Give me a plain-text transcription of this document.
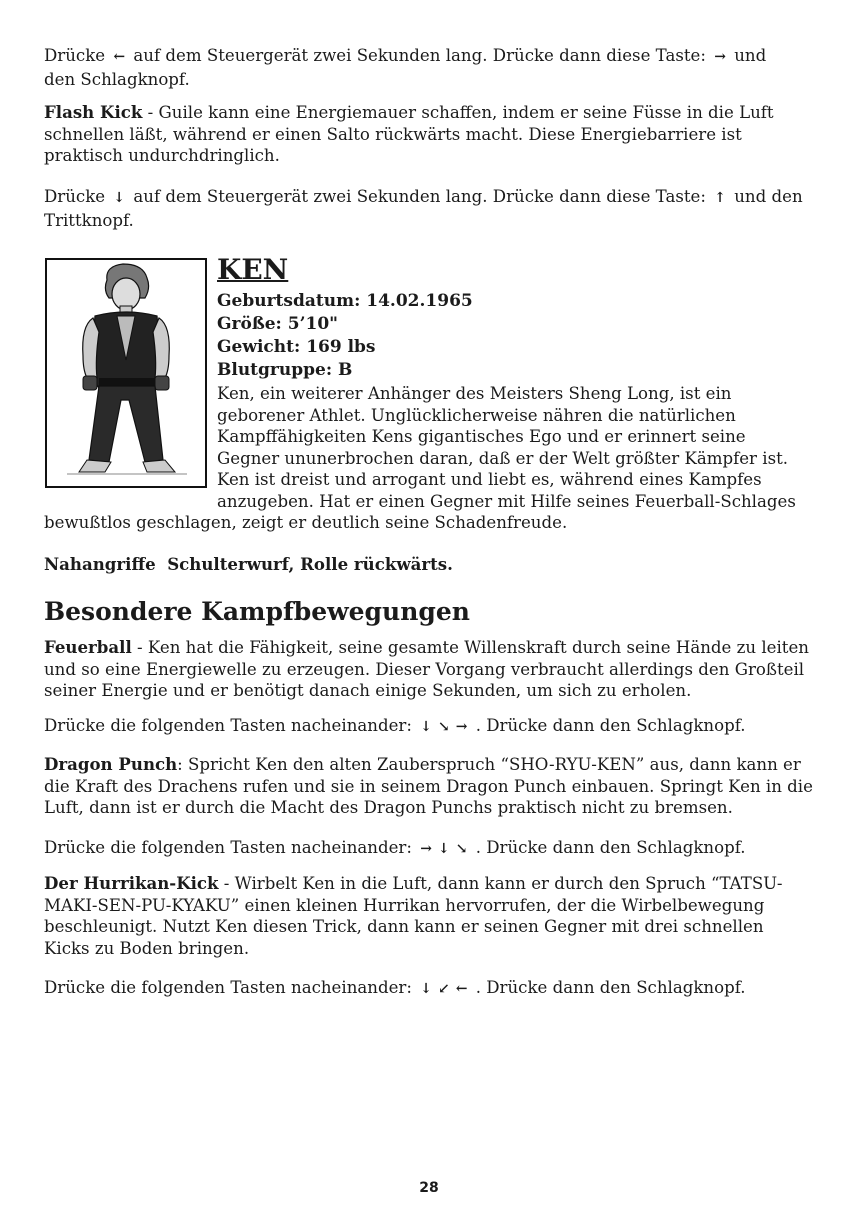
Drücke ← auf dem Steuergerät zwei Sekunden lang. Drücke dann diese Taste: → und
den Schlagknopf.

Flash Kick - Guile kann eine Energiemauer schaffen, indem er seine Füsse in die Luft schnellen läßt, während er einen Salto rückwärts macht. Diese Energiebarriere ist praktisch undurchdringlich.

Drücke ↓ auf dem Steuergerät zwei Sekunden lang. Drücke dann diese Taste: ↑ und den
Trittknopf.

KEN
Geburtsdatum: 14.02.1965
Größe: 5’10"
Gewicht: 169 lbs
Blutgruppe: B
Ken, ein weiterer Anhänger des Meisters Sheng Long, ist ein
geborener Athlet. Unglücklicherweise nähren die natürlichen
Kampffähigkeiten Kens gigantisches Ego und er erinnert seine
Gegner ununerbrochen daran, daß er der Welt größter Kämpfer ist.
Ken ist dreist und arrogant und liebt es, während eines Kampfes
anzugeben. Hat er einen Gegner mit Hilfe seines Feuerball-Schlages

bewußtlos geschlagen, zeigt er deutlich seine Schadenfreude.

Nahangriffe Schulterwurf, Rolle rückwärts.

Besondere Kampfbewegungen

Feuerball - Ken hat die Fähigkeit, seine gesamte Willenskraft durch seine Hände zu leiten und so eine Energiewelle zu erzeugen. Dieser Vorgang verbraucht allerdings den Großteil seiner Energie und er benötigt danach einige Sekunden, um sich zu erholen.

Drücke die folgenden Tasten nacheinander: ↓ ↘ → . Drücke dann den Schlagknopf.

Dragon Punch: Spricht Ken den alten Zauberspruch “SHO-RYU-KEN” aus, dann kann er die Kraft des Drachens rufen und sie in seinem Dragon Punch einbauen. Springt Ken in die Luft, dann ist er durch die Macht des Dragon Punchs praktisch nicht zu bremsen.

Drücke die folgenden Tasten nacheinander: → ↓ ↘ . Drücke dann den Schlagknopf.

Der Hurrikan-Kick - Wirbelt Ken in die Luft, dann kann er durch den Spruch “TATSU-MAKI-SEN-PU-KYAKU” einen kleinen Hurrikan hervorrufen, der die Wirbelbewegung beschleunigt. Nutzt Ken diesen Trick, dann kann er seinen Gegner mit drei schnellen Kicks zu Boden bringen.

Drücke die folgenden Tasten nacheinander: ↓ ↙ ← . Drücke dann den Schlagknopf.

28
